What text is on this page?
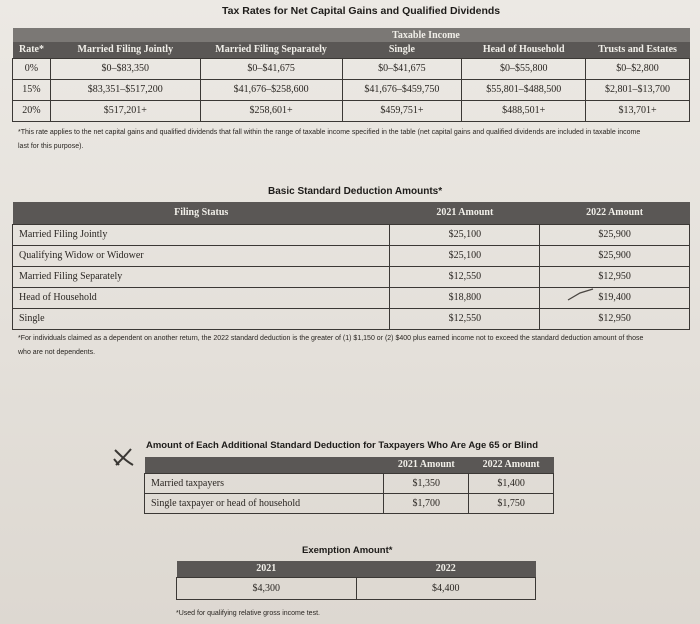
Tax Rates for Net Capital Gains and Qualified Dividends
Taxable Income					
Rate*	Married Filing Jointly	Married Filing Separately	Single	Head of Household	Trusts and Estates
0%	$0–$83,350	$0–$41,675	$0–$41,675	$0–$55,800	$0–$2,800
15%	$83,351–$517,200	$41,676–$258,600	$41,676–$459,750	$55,801–$488,500	$2,801–$13,700
20%	$517,201+	$258,601+	$459,751+	$488,501+	$13,701+
*This rate applies to the net capital gains and qualified dividends that fall within the range of taxable income specified in the table (net capital gains and qualified dividends are included in taxable income
last for this purpose).
Basic Standard Deduction Amounts*
Filing Status	2021 Amount	2022 Amount
Married Filing Jointly	$25,100	$25,900
Qualifying Widow or Widower	$25,100	$25,900
Married Filing Separately	$12,550	$12,950
Head of Household	$18,800	$19,400
Single	$12,550	$12,950
*For individuals claimed as a dependent on another return, the 2022 standard deduction is the greater of (1) $1,150 or (2) $400 plus earned income not to exceed the standard deduction amount of those
who are not dependents.
Amount of Each Additional Standard Deduction for Taxpayers Who Are Age 65 or Blind
	2021 Amount	2022 Amount
Married taxpayers	$1,350	$1,400
Single taxpayer or head of household	$1,700	$1,750
Exemption Amount*
2021	2022
$4,300	$4,400
*Used for qualifying relative gross income test.
